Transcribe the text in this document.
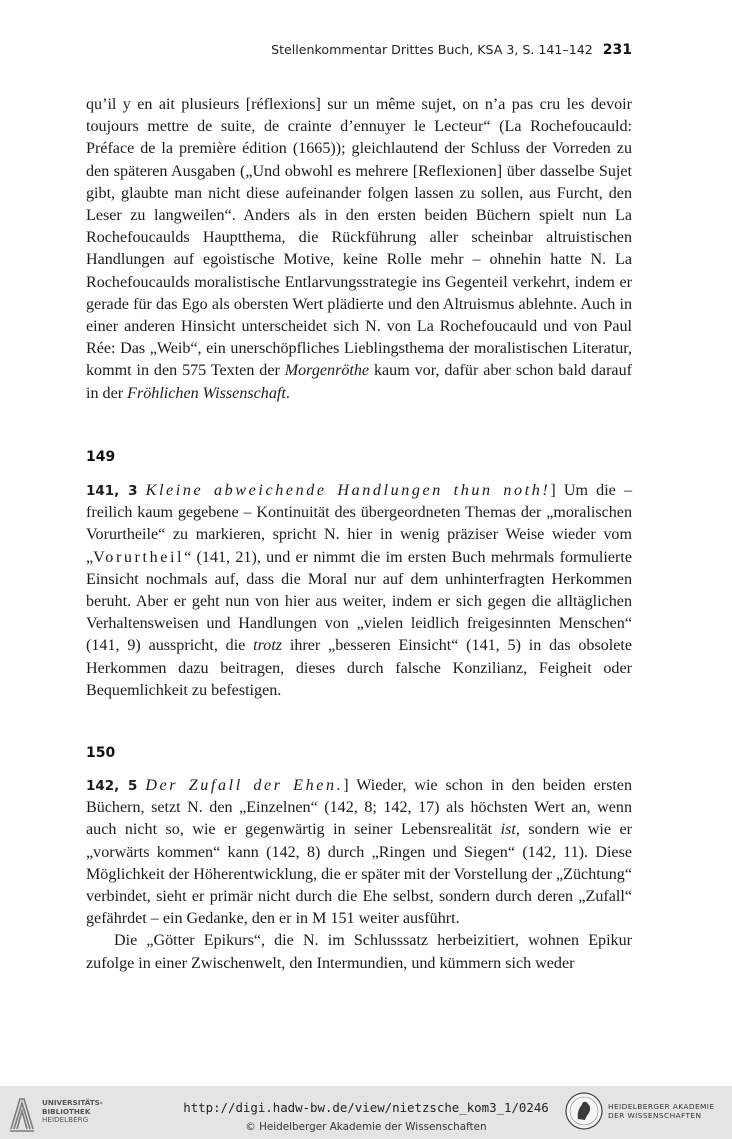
Stellenkommentar Drittes Buch, KSA 3, S. 141–142 231

qu’il y en ait plusieurs [réflexions] sur un même sujet, on n’a pas cru les devoir toujours mettre de suite, de crainte d’ennuyer le Lecteur“ (La Rochefoucauld: Préface de la première édition (1665)); gleichlautend der Schluss der Vorreden zu den späteren Ausgaben („Und obwohl es mehrere [Reflexionen] über dasselbe Sujet gibt, glaubte man nicht diese aufeinander folgen lassen zu sollen, aus Furcht, den Leser zu langweilen“. Anders als in den ersten beiden Büchern spielt nun La Rochefoucaulds Hauptthema, die Rückführung aller scheinbar altruistischen Handlungen auf egoistische Motive, keine Rolle mehr – ohnehin hatte N. La Rochefoucaulds moralistische Entlarvungsstrategie ins Gegenteil verkehrt, indem er gerade für das Ego als obersten Wert plädierte und den Altruismus ablehnte. Auch in einer anderen Hinsicht unterscheidet sich N. von La Rochefoucauld und von Paul Rée: Das „Weib“, ein unerschöpfliches Lieblingsthema der moralistischen Literatur, kommt in den 575 Texten der Morgenröthe kaum vor, dafür aber schon bald darauf in der Fröhlichen Wissenschaft.

149

141, 3 Kleine abweichende Handlungen thun noth!] Um die – freilich kaum gegebene – Kontinuität des übergeordneten Themas der „moralischen Vorurtheile“ zu markieren, spricht N. hier in wenig präziser Weise wieder vom „Vorurtheil“ (141, 21), und er nimmt die im ersten Buch mehrmals formulierte Einsicht nochmals auf, dass die Moral nur auf dem unhinterfragten Herkommen beruht. Aber er geht nun von hier aus weiter, indem er sich gegen die alltäglichen Verhaltensweisen und Handlungen von „vielen leidlich freigesinnten Menschen“ (141, 9) ausspricht, die trotz ihrer „besseren Einsicht“ (141, 5) in das obsolete Herkommen dazu beitragen, dieses durch falsche Konzilianz, Feigheit oder Bequemlichkeit zu befestigen.

150

142, 5 Der Zufall der Ehen.] Wieder, wie schon in den beiden ersten Büchern, setzt N. den „Einzelnen“ (142, 8; 142, 17) als höchsten Wert an, wenn auch nicht so, wie er gegenwärtig in seiner Lebensrealität ist, sondern wie er „vorwärts kommen“ kann (142, 8) durch „Ringen und Siegen“ (142, 11). Diese Möglichkeit der Höherentwicklung, die er später mit der Vorstellung der „Züchtung“ verbindet, sieht er primär nicht durch die Ehe selbst, sondern durch deren „Zufall“ gefährdet – ein Gedanke, den er in M 151 weiter ausführt.

Die „Götter Epikurs“, die N. im Schlusssatz herbeizitiert, wohnen Epikur zufolge in einer Zwischenwelt, den Intermundien, und kümmern sich weder

UNIVERSITÄTS-
BIBLIOTHEK
HEIDELBERG
http://digi.hadw-bw.de/view/nietzsche_kom3_1/0246
© Heidelberger Akademie der Wissenschaften
HEIDELBERGER AKADEMIE
DER WISSENSCHAFTEN
